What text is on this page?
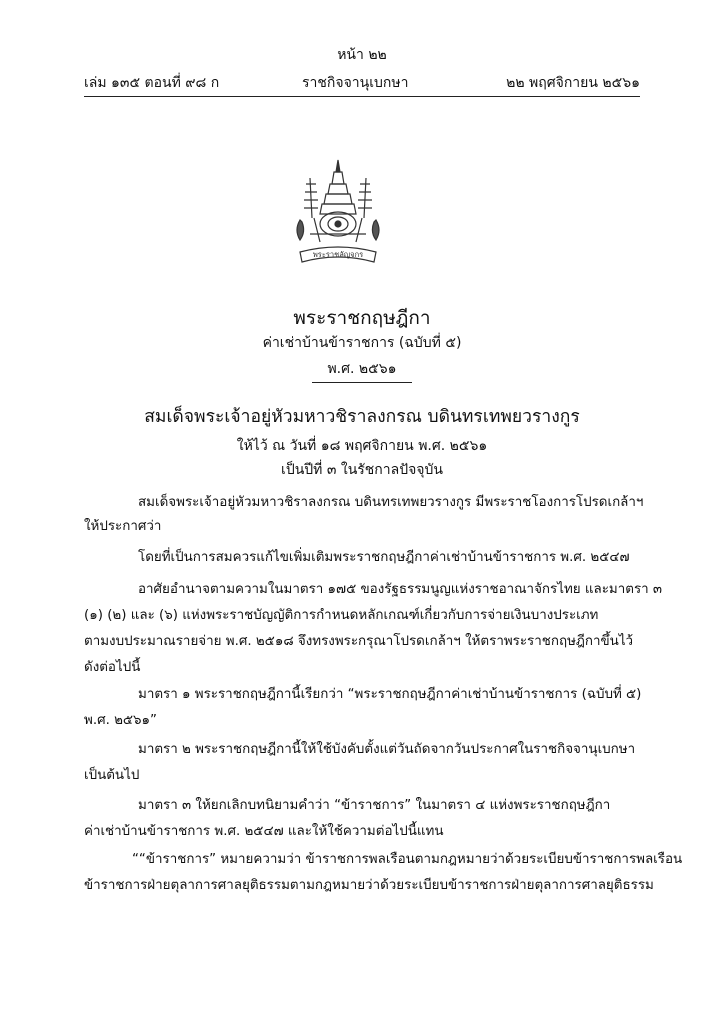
หน้า ๒๒
เล่ม ๑๓๕ ตอนที่ ๙๘ ก	ราชกิจจานุเบกษา	๒๒ พฤศจิกายน ๒๕๖๑
พระราชลัญจกร
พระราชกฤษฎีกา
ค่าเช่าบ้านข้าราชการ (ฉบับที่ ๕)
พ.ศ. ๒๕๖๑
สมเด็จพระเจ้าอยู่หัวมหาวชิราลงกรณ บดินทรเทพยวรางกูร
ให้ไว้ ณ วันที่ ๑๘ พฤศจิกายน พ.ศ. ๒๕๖๑
เป็นปีที่ ๓ ในรัชกาลปัจจุบัน
สมเด็จพระเจ้าอยู่หัวมหาวชิราลงกรณ บดินทรเทพยวรางกูร มีพระราชโองการโปรดเกล้าฯ
ให้ประกาศว่า
โดยที่เป็นการสมควรแก้ไขเพิ่มเติมพระราชกฤษฎีกาค่าเช่าบ้านข้าราชการ พ.ศ. ๒๕๔๗
อาศัยอำนาจตามความในมาตรา ๑๗๕ ของรัฐธรรมนูญแห่งราชอาณาจักรไทย และมาตรา ๓
(๑) (๒) และ (๖) แห่งพระราชบัญญัติการกำหนดหลักเกณฑ์เกี่ยวกับการจ่ายเงินบางประเภท
ตามงบประมาณรายจ่าย พ.ศ. ๒๕๑๘ จึงทรงพระกรุณาโปรดเกล้าฯ ให้ตราพระราชกฤษฎีกาขึ้นไว้
ดังต่อไปนี้
มาตรา ๑ พระราชกฤษฎีกานี้เรียกว่า “พระราชกฤษฎีกาค่าเช่าบ้านข้าราชการ (ฉบับที่ ๕)
พ.ศ. ๒๕๖๑”
มาตรา ๒ พระราชกฤษฎีกานี้ให้ใช้บังคับตั้งแต่วันถัดจากวันประกาศในราชกิจจานุเบกษา
เป็นต้นไป
มาตรา ๓ ให้ยกเลิกบทนิยามคำว่า “ข้าราชการ” ในมาตรา ๔ แห่งพระราชกฤษฎีกา
ค่าเช่าบ้านข้าราชการ พ.ศ. ๒๕๔๗ และให้ใช้ความต่อไปนี้แทน
““ข้าราชการ” หมายความว่า ข้าราชการพลเรือนตามกฎหมายว่าด้วยระเบียบข้าราชการพลเรือน
ข้าราชการฝ่ายตุลาการศาลยุติธรรมตามกฎหมายว่าด้วยระเบียบข้าราชการฝ่ายตุลาการศาลยุติธรรม
